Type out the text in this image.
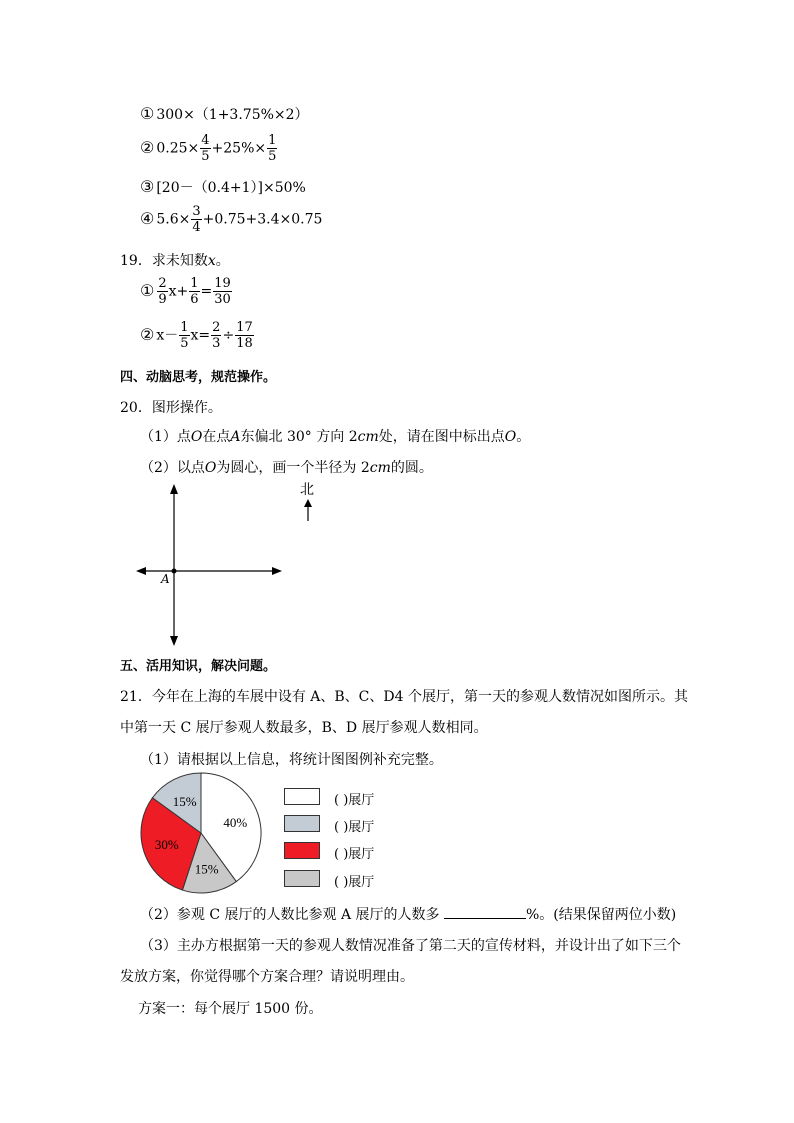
① 300×（1+3.75%×2）
② $0.25\times \frac{4}{5} +25\%\times \frac{1}{5}$
③ [20－（0.4+1）]×50%
④ $5.6\times \frac{3}{4} +0.75+3.4\times 0.75$
19．求未知数x。
① $\frac{2}{9} x+ \frac{1}{6} = \frac{19}{30}$
② $x- \frac{1}{5} x= \frac{2}{3} \div \frac{17}{18}$
四、动脑思考，规范操作。
20．图形操作。
（1）点O在点A东偏北 30° 方向 2cm处，请在图中标出点O。
（2）以点O为圆心，画一个半径为 2cm的圆。
A
北
五、活用知识，解决问题。
21．今年在上海的车展中设有 A、B、C、D4 个展厅，第一天的参观人数情况如图所示。其
中第一天 C 展厅参观人数最多，B、D 展厅参观人数相同。
（1）请根据以上信息，将统计图图例补充完整。
40%
15%
30%
15%	( )展厅
( )展厅
( )展厅
( )展厅
（2）参观 C 展厅的人数比参观 A 展厅的人数多	%。(结果保留两位小数)
（3）主办方根据第一天的参观人数情况准备了第二天的宣传材料，并设计出了如下三个
发放方案，你觉得哪个方案合理？请说明理由。
方案一：每个展厅 1500 份。
